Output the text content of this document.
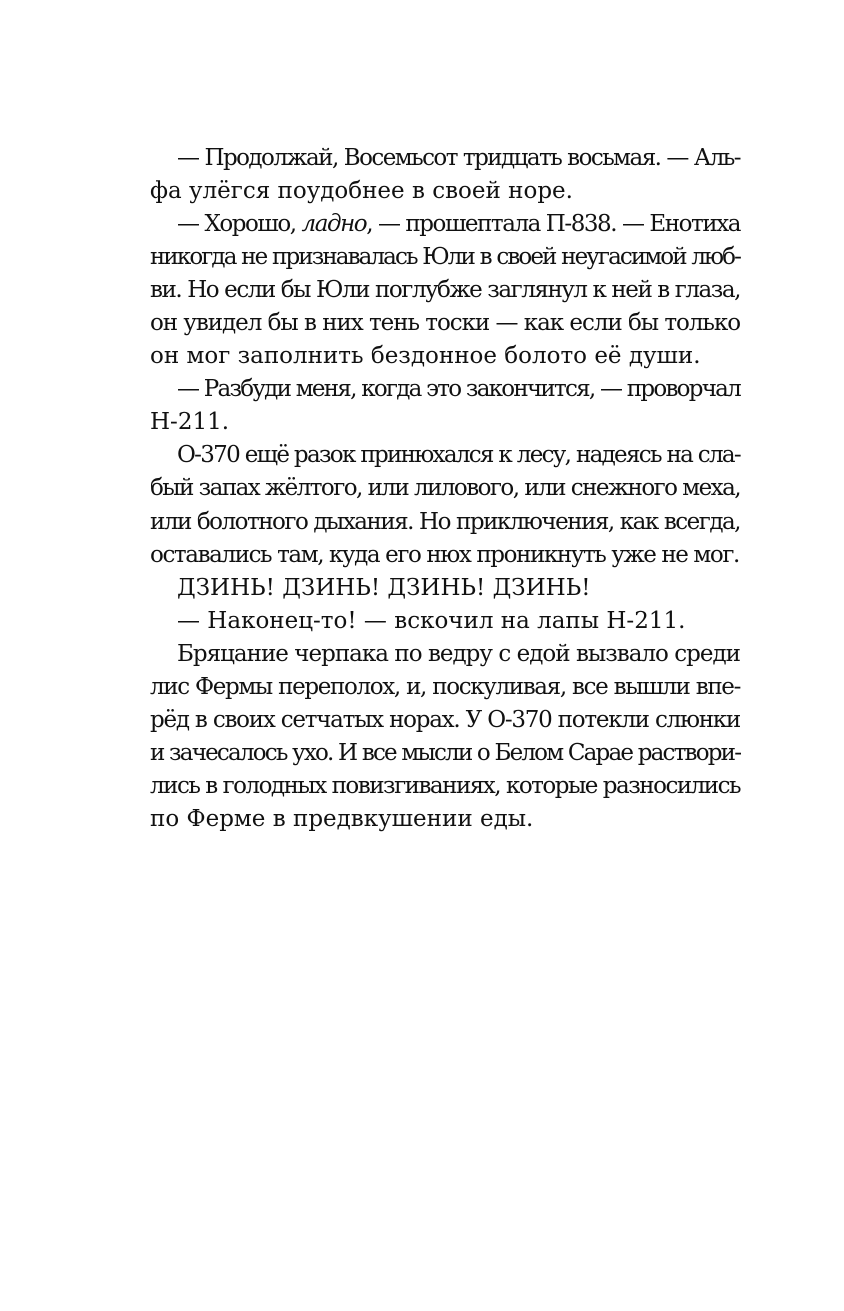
— Продолжай, Восемьсот тридцать восьмая. — Аль-
фа улёгся поудобнее в своей норе.
— Хорошо, ладно, — прошептала П-838. — Енотиха
никогда не признавалась Юли в своей неугасимой люб-
ви. Но если бы Юли поглубже заглянул к ней в глаза,
он увидел бы в них тень тоски — как если бы только
он мог заполнить бездонное болото её души.
— Разбуди меня, когда это закончится, — проворчал
Н-211.
О-370 ещё разок принюхался к лесу, надеясь на сла-
бый запах жёлтого, или лилового, или снежного меха,
или болотного дыхания. Но приключения, как всегда,
оставались там, куда его нюх проникнуть уже не мог.
ДЗИНЬ! ДЗИНЬ! ДЗИНЬ! ДЗИНЬ!
— Наконец-то! — вскочил на лапы Н-211.
Бряцание черпака по ведру с едой вызвало среди
лис Фермы переполох, и, поскуливая, все вышли впе-
рёд в своих сетчатых норах. У О-370 потекли слюнки
и зачесалось ухо. И все мысли о Белом Сарае раствори-
лись в голодных повизгиваниях, которые разносились
по Ферме в предвкушении еды.
